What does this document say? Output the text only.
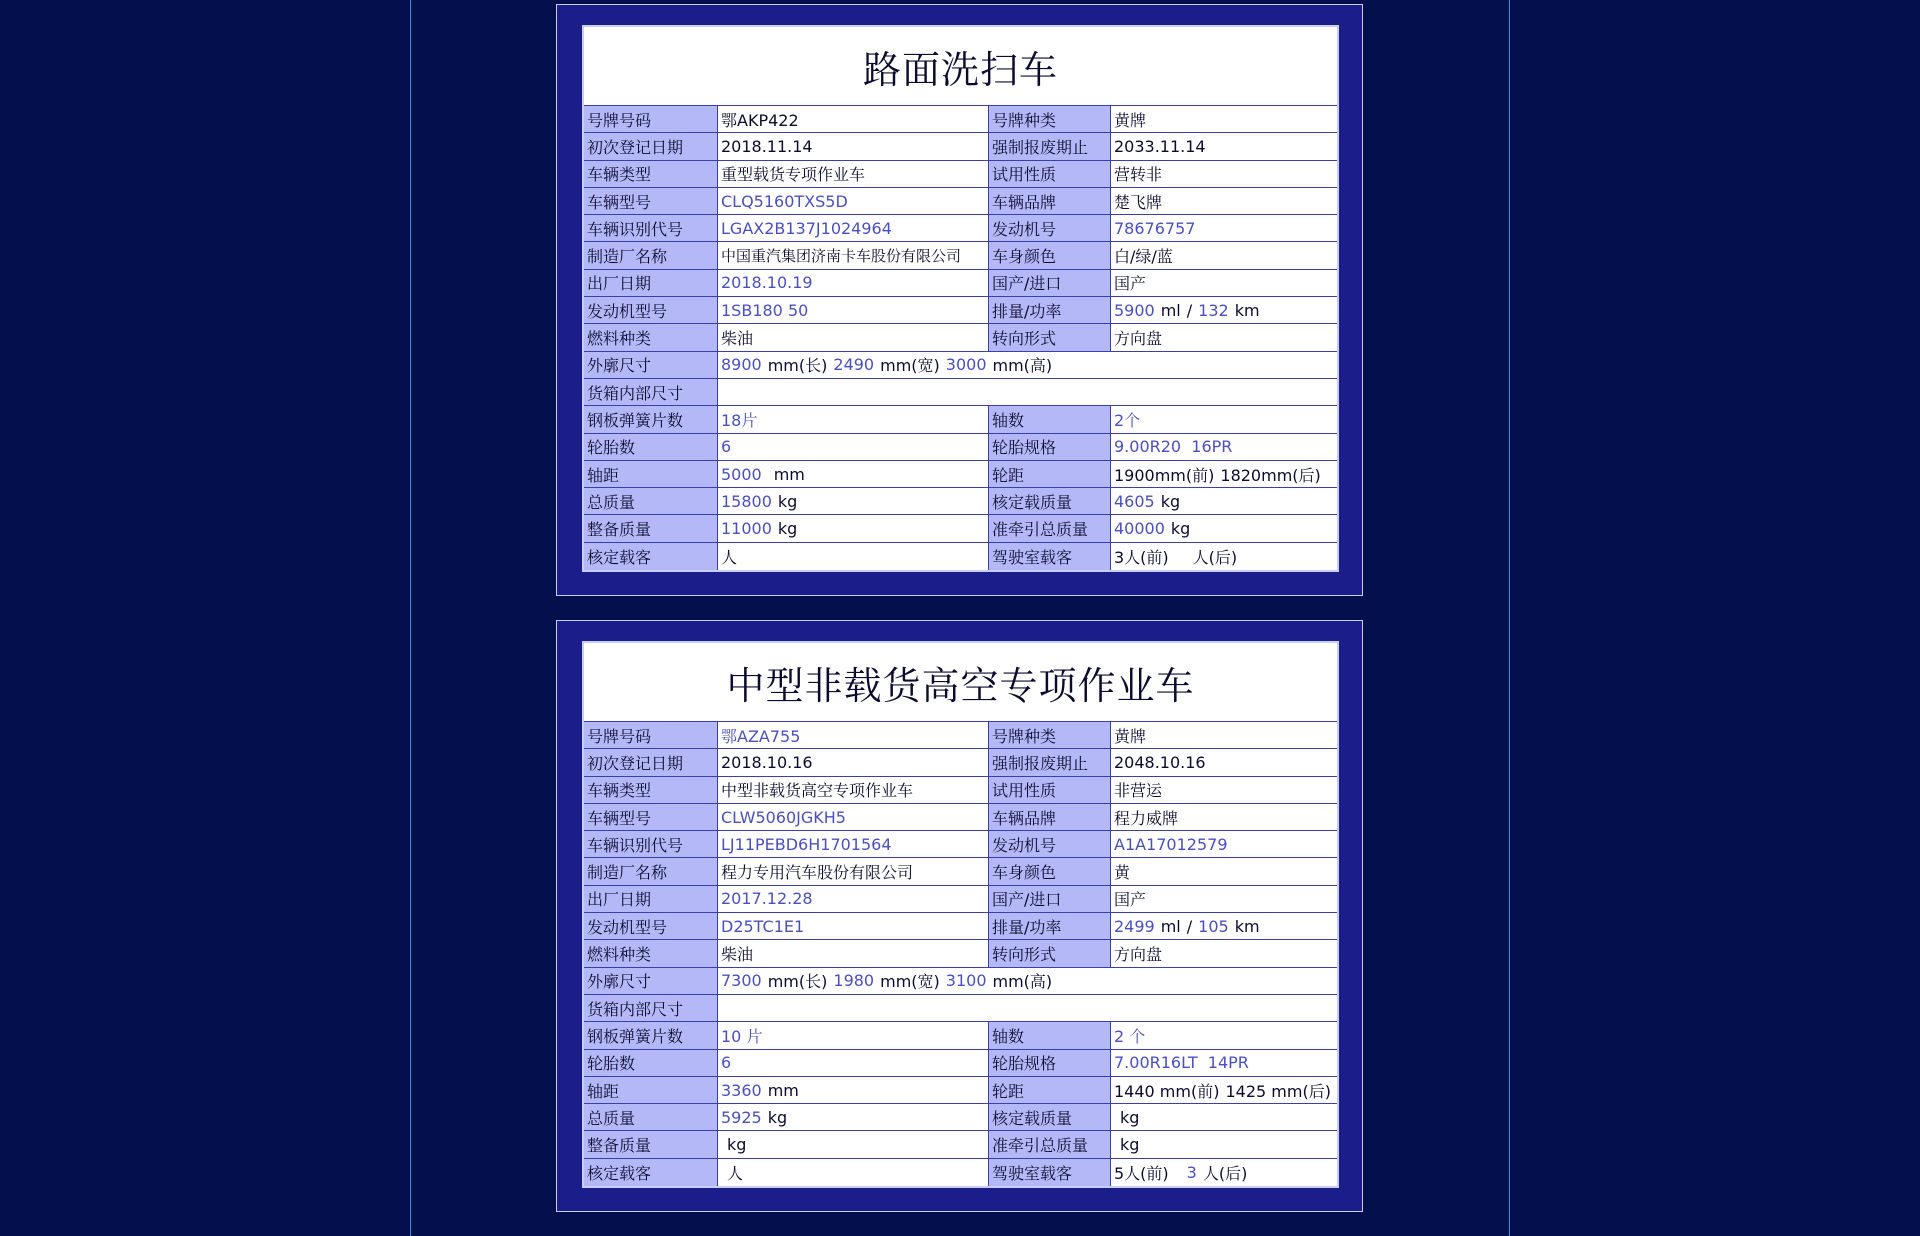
路面洗扫车
号牌号码	鄂AKP422	号牌种类	黄牌
初次登记日期	2018.11.14	强制报废期止	2033.11.14
车辆类型	重型载货专项作业车	试用性质	营转非
车辆型号	CLQ5160TXS5D	车辆品牌	楚飞牌
车辆识别代号	LGAX2B137J1024964	发动机号	78676757
制造厂名称	中国重汽集团济南卡车股份有限公司	车身颜色	白/绿/蓝
出厂日期	2018.10.19	国产/进口	国产
发动机型号	1SB180 50	排量/功率	5900 ml / 132 km
燃料种类	柴油	转向形式	方向盘
外廓尺寸	8900 mm(长) 2490 mm(宽) 3000 mm(高)
货箱内部尺寸
钢板弹簧片数	18片	轴数	2个
轮胎数	6	轮胎规格	9.00R20  16PR
轴距	5000 mm	轮距	1900mm(前) 1820mm(后)
总质量	15800 kg	核定载质量	4605 kg
整备质量	11000 kg	准牵引总质量	40000 kg
核定载客	人	驾驶室载客	3人(前) 人(后)
中型非载货高空专项作业车
号牌号码	鄂AZA755	号牌种类	黄牌
初次登记日期	2018.10.16	强制报废期止	2048.10.16
车辆类型	中型非载货高空专项作业车	试用性质	非营运
车辆型号	CLW5060JGKH5	车辆品牌	程力威牌
车辆识别代号	LJ11PEBD6H1701564	发动机号	A1A17012579
制造厂名称	程力专用汽车股份有限公司	车身颜色	黄
出厂日期	2017.12.28	国产/进口	国产
发动机型号	D25TC1E1	排量/功率	2499 ml / 105 km
燃料种类	柴油	转向形式	方向盘
外廓尺寸	7300 mm(长) 1980 mm(宽) 3100 mm(高)
货箱内部尺寸
钢板弹簧片数	10 片	轴数	2 个
轮胎数	6	轮胎规格	7.00R16LT  14PR
轴距	3360 mm	轮距	1440 mm(前) 1425 mm(后)
总质量	5925 kg	核定载质量	kg
整备质量	kg	准牵引总质量	kg
核定载客	人	驾驶室载客	5人(前) 3 人(后)
